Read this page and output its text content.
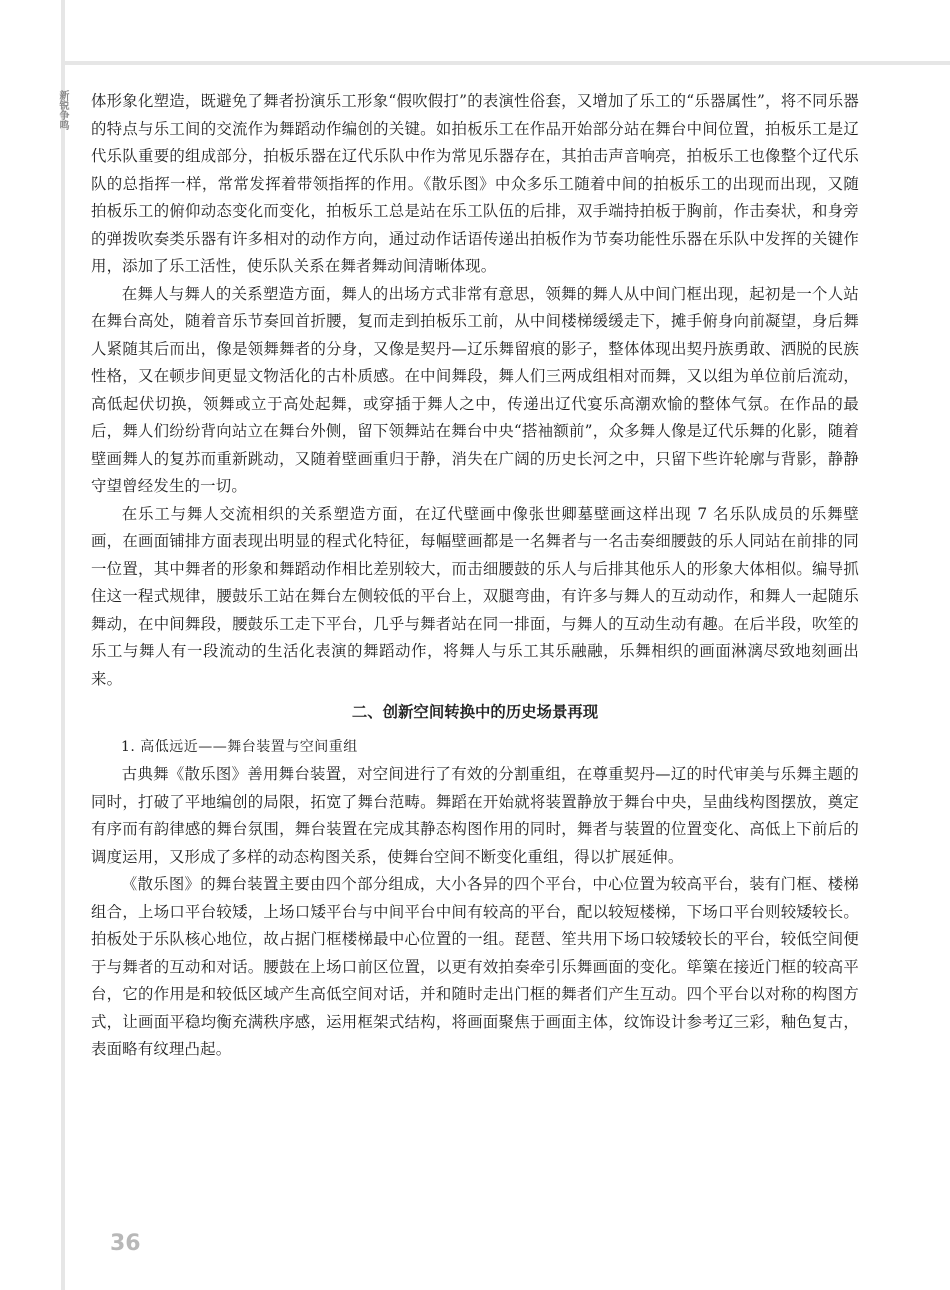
新锐争鸣 体形象化塑造，既避免了舞者扮演乐工形象“假吹假打”的表演性俗套，又增加了乐工的“乐器属性”，将不同乐器的特点与乐工间的交流作为舞蹈动作编创的关键。如拍板乐工在作品开始部分站在舞台中间位置，拍板乐工是辽代乐队重要的组成部分，拍板乐器在辽代乐队中作为常见乐器存在，其拍击声音响亮，拍板乐工也像整个辽代乐队的总指挥一样，常常发挥着带领指挥的作用。《散乐图》中众多乐工随着中间的拍板乐工的出现而出现，又随拍板乐工的俯仰动态变化而变化，拍板乐工总是站在乐工队伍的后排，双手端持拍板于胸前，作击奏状，和身旁的弹拨吹奏类乐器有许多相对的动作方向，通过动作话语传递出拍板作为节奏功能性乐器在乐队中发挥的关键作用，添加了乐工活性，使乐队关系在舞者舞动间清晰体现。

在舞人与舞人的关系塑造方面，舞人的出场方式非常有意思，领舞的舞人从中间门框出现，起初是一个人站在舞台高处，随着音乐节奏回首折腰，复而走到拍板乐工前，从中间楼梯缓缓走下，摊手俯身向前凝望，身后舞人紧随其后而出，像是领舞舞者的分身，又像是契丹—辽乐舞留痕的影子，整体体现出契丹族勇敢、洒脱的民族性格，又在顿步间更显文物活化的古朴质感。在中间舞段，舞人们三两成组相对而舞，又以组为单位前后流动，高低起伏切换，领舞或立于高处起舞，或穿插于舞人之中，传递出辽代宴乐高潮欢愉的整体气氛。在作品的最后，舞人们纷纷背向站立在舞台外侧，留下领舞站在舞台中央“搭袖额前”，众多舞人像是辽代乐舞的化影，随着壁画舞人的复苏而重新跳动，又随着壁画重归于静，消失在广阔的历史长河之中，只留下些许轮廓与背影，静静守望曾经发生的一切。

在乐工与舞人交流相织的关系塑造方面，在辽代壁画中像张世卿墓壁画这样出现 7 名乐队成员的乐舞壁画，在画面铺排方面表现出明显的程式化特征，每幅壁画都是一名舞者与一名击奏细腰鼓的乐人同站在前排的同一位置，其中舞者的形象和舞蹈动作相比差别较大，而击细腰鼓的乐人与后排其他乐人的形象大体相似。编导抓住这一程式规律，腰鼓乐工站在舞台左侧较低的平台上，双腿弯曲，有许多与舞人的互动动作，和舞人一起随乐舞动，在中间舞段，腰鼓乐工走下平台，几乎与舞者站在同一排面，与舞人的互动生动有趣。在后半段，吹笙的乐工与舞人有一段流动的生活化表演的舞蹈动作，将舞人与乐工其乐融融，乐舞相织的画面淋漓尽致地刻画出来。

二、创新空间转换中的历史场景再现
1. 高低远近——舞台装置与空间重组

古典舞《散乐图》善用舞台装置，对空间进行了有效的分割重组，在尊重契丹—辽的时代审美与乐舞主题的同时，打破了平地编创的局限，拓宽了舞台范畴。舞蹈在开始就将装置静放于舞台中央，呈曲线构图摆放，奠定有序而有韵律感的舞台氛围，舞台装置在完成其静态构图作用的同时，舞者与装置的位置变化、高低上下前后的调度运用，又形成了多样的动态构图关系，使舞台空间不断变化重组，得以扩展延伸。

《散乐图》的舞台装置主要由四个部分组成，大小各异的四个平台，中心位置为较高平台，装有门框、楼梯组合，上场口平台较矮，上场口矮平台与中间平台中间有较高的平台，配以较短楼梯，下场口平台则较矮较长。拍板处于乐队核心地位，故占据门框楼梯最中心位置的一组。琵琶、笙共用下场口较矮较长的平台，较低空间便于与舞者的互动和对话。腰鼓在上场口前区位置，以更有效拍奏牵引乐舞画面的变化。筚篥在接近门框的较高平台，它的作用是和较低区域产生高低空间对话，并和随时走出门框的舞者们产生互动。四个平台以对称的构图方式，让画面平稳均衡充满秩序感，运用框架式结构，将画面聚焦于画面主体，纹饰设计参考辽三彩，釉色复古，表面略有纹理凸起。

36
